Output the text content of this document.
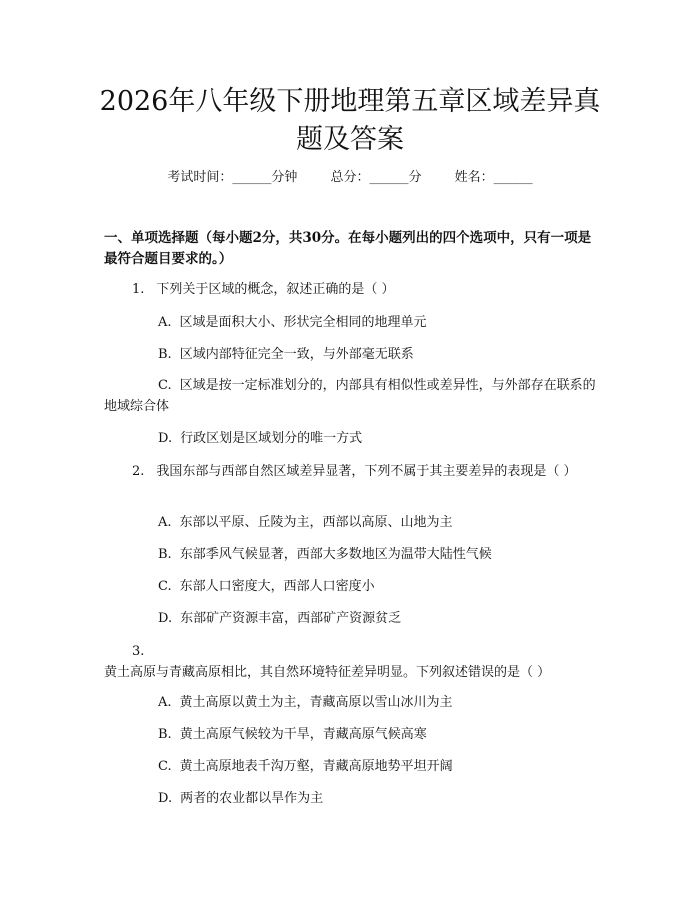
2026年八年级下册地理第五章区域差异真题及答案
考试时间：______分钟	总分：______分	姓名：______

一、单项选择题（每小题2分，共30分。在每小题列出的四个选项中，只有一项是最符合题目要求的。）

1. 下列关于区域的概念，叙述正确的是（ ）

A. 区域是面积大小、形状完全相同的地理单元

B. 区域内部特征完全一致，与外部毫无联系

C. 区域是按一定标准划分的，内部具有相似性或差异性，与外部存在联系的地域综合体

D. 行政区划是区域划分的唯一方式

2. 我国东部与西部自然区域差异显著，下列不属于其主要差异的表现是（ ）

A. 东部以平原、丘陵为主，西部以高原、山地为主

B. 东部季风气候显著，西部大多数地区为温带大陆性气候

C. 东部人口密度大，西部人口密度小

D. 东部矿产资源丰富，西部矿产资源贫乏

3.黄土高原与青藏高原相比，其自然环境特征差异明显。下列叙述错误的是（ ）

A. 黄土高原以黄土为主，青藏高原以雪山冰川为主

B. 黄土高原气候较为干旱，青藏高原气候高寒

C. 黄土高原地表千沟万壑，青藏高原地势平坦开阔

D. 两者的农业都以旱作为主
